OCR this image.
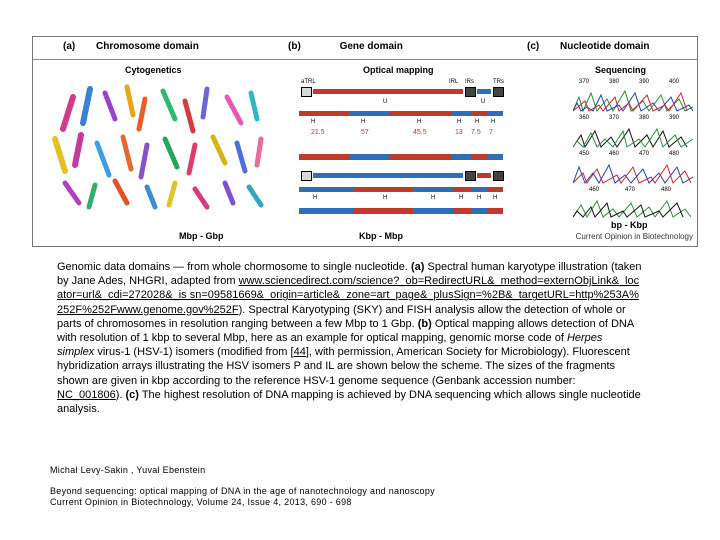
(a) Chromosome domain	(b)	Gene domain	(c) Nucleotide domain
Cytogenetics	Optical mapping	Sequencing
aTRL	IRL IRs	TRs
U	U
H	H	H	H H H
21.5	57	45.5	13 7.5 7
H	H	H	H H H
370	380	390	400
360	370	380	390
450	460	470	480
460	470	480
Mbp - Gbp	Kbp - Mbp
bp - Kbp
Current Opinion in Biotechnology
Genomic data domains — from whole chormosome to single nucleotide. (a) Spectral human karyotype illustration (taken by Jane Ades, NHGRI, adapted from www.sciencedirect.com/science?_ob=RedirectURL&_method=externObjLink&_locator=url&_cdi=272028&_is sn=09581669&_origin=article&_zone=art_page&_plusSign=%2B&_targetURL=http%253A%252F%252Fwww.genome.gov%252F). Spectral Karyotyping (SKY) and FISH analysis allow the detection of whole or parts of chromosomes in resolution ranging between a few Mbp to 1 Gbp. (b) Optical mapping allows detection of DNA with resolution of 1 kbp to several Mbp, here as an example for optical mapping, genomic morse code of Herpes simplex virus-1 (HSV-1) isomers (modified from [44], with permission, American Society for Microbiology). Fluorescent hybridization arrays illustrating the HSV isomers P and IL are shown below the scheme. The sizes of the fragments shown are given in kbp according to the reference HSV-1 genome sequence (Genbank accession number: NC_001806). (c) The highest resolution of DNA mapping is achieved by DNA sequencing which allows single nucleotide analysis.
Michal Levy-Sakin , Yuval Ebenstein
Beyond sequencing: optical mapping of DNA in the age of nanotechnology and nanoscopy
Current Opinion in Biotechnology, Volume 24, Issue 4, 2013, 690 - 698
